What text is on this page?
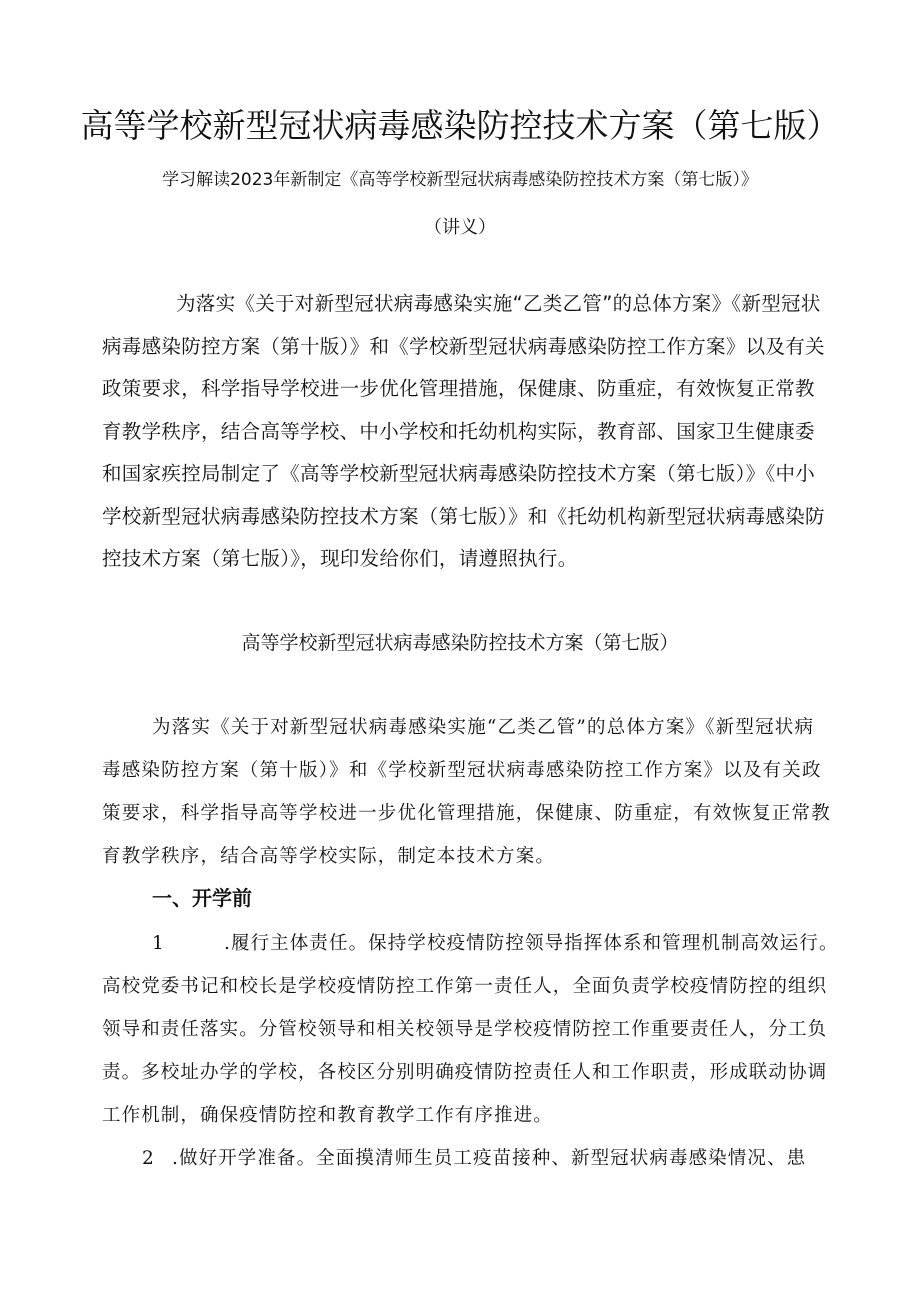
高等学校新型冠状病毒感染防控技术方案（第七版）
学习解读2023年新制定《高等学校新型冠状病毒感染防控技术方案（第七版）》
（讲义）

为落实《关于对新型冠状病毒感染实施“乙类乙管”的总体方案》《新型冠状病毒感染防控方案（第十版）》和《学校新型冠状病毒感染防控工作方案》以及有关政策要求，科学指导学校进一步优化管理措施，保健康、防重症，有效恢复正常教育教学秩序，结合高等学校、中小学校和托幼机构实际，教育部、国家卫生健康委和国家疾控局制定了《高等学校新型冠状病毒感染防控技术方案（第七版）》《中小学校新型冠状病毒感染防控技术方案（第七版）》和《托幼机构新型冠状病毒感染防控技术方案（第七版）》，现印发给你们，请遵照执行。

高等学校新型冠状病毒感染防控技术方案（第七版）

为落实《关于对新型冠状病毒感染实施“乙类乙管”的总体方案》《新型冠状病毒感染防控方案（第十版）》和《学校新型冠状病毒感染防控工作方案》以及有关政策要求，科学指导高等学校进一步优化管理措施，保健康、防重症，有效恢复正常教育教学秩序，结合高等学校实际，制定本技术方案。

一、开学前

1	.履行主体责任。保持学校疫情防控领导指挥体系和管理机制高效运行。高校党委书记和校长是学校疫情防控工作第一责任人，全面负责学校疫情防控的组织领导和责任落实。分管校领导和相关校领导是学校疫情防控工作重要责任人，分工负责。多校址办学的学校，各校区分别明确疫情防控责任人和工作职责，形成联动协调工作机制，确保疫情防控和教育教学工作有序推进。

2 .做好开学准备。全面摸清师生员工疫苗接种、新型冠状病毒感染情况、患
